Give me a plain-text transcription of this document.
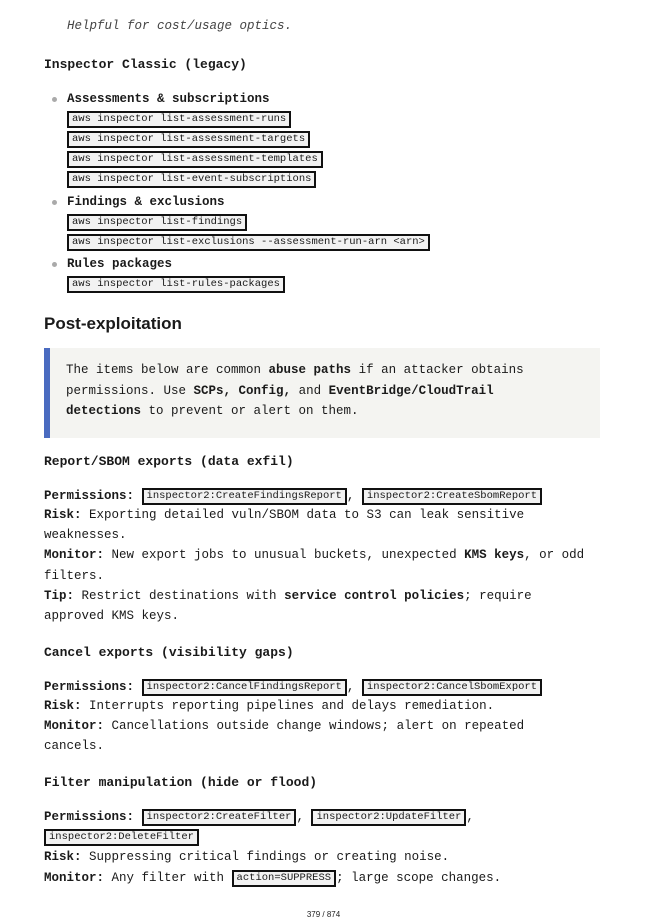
Helpful for cost/usage optics.
Inspector Classic (legacy)
Assessments & subscriptions
aws inspector list-assessment-runs
aws inspector list-assessment-targets
aws inspector list-assessment-templates
aws inspector list-event-subscriptions
Findings & exclusions
aws inspector list-findings
aws inspector list-exclusions --assessment-run-arn <arn>
Rules packages
aws inspector list-rules-packages
Post-exploitation
The items below are common abuse paths if an attacker obtains
permissions. Use SCPs, Config, and EventBridge/CloudTrail
detections to prevent or alert on them.
Report/SBOM exports (data exfil)
Permissions: inspector2:CreateFindingsReport , inspector2:CreateSbomReport
Risk: Exporting detailed vuln/SBOM data to S3 can leak sensitive
weaknesses.
Monitor: New export jobs to unusual buckets, unexpected KMS keys, or odd
filters.
Tip: Restrict destinations with service control policies; require
approved KMS keys.
Cancel exports (visibility gaps)
Permissions: inspector2:CancelFindingsReport , inspector2:CancelSbomExport
Risk: Interrupts reporting pipelines and delays remediation.
Monitor: Cancellations outside change windows; alert on repeated
cancels.
Filter manipulation (hide or flood)
Permissions: inspector2:CreateFilter , inspector2:UpdateFilter ,
inspector2:DeleteFilter
Risk: Suppressing critical findings or creating noise.
Monitor: Any filter with action=SUPPRESS ; large scope changes.
379 / 874
